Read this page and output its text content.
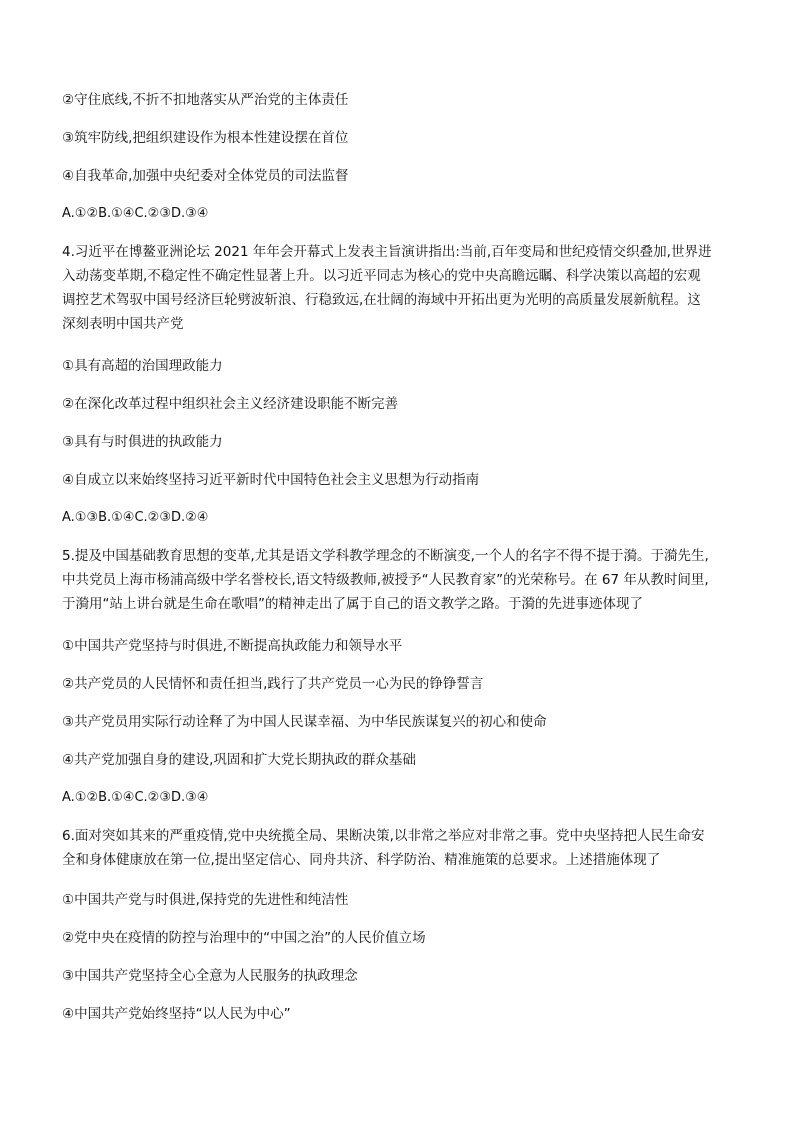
②守住底线,不折不扣地落实从严治党的主体责任
③筑牢防线,把组织建设作为根本性建设摆在首位
④自我革命,加强中央纪委对全体党员的司法监督
A.①②B.①④C.②③D.③④
4.习近平在博鳌亚洲论坛 2021 年年会开幕式上发表主旨演讲指出:当前,百年变局和世纪疫情交织叠加,世界进
入动荡变革期,不稳定性不确定性显著上升。以习近平同志为核心的党中央高瞻远瞩、科学决策以高超的宏观
调控艺术驾驭中国号经济巨轮劈波斩浪、行稳致远,在壮阔的海域中开拓出更为光明的高质量发展新航程。这
深刻表明中国共产党
①具有高超的治国理政能力
②在深化改革过程中组织社会主义经济建设职能不断完善
③具有与时俱进的执政能力
④自成立以来始终坚持习近平新时代中国特色社会主义思想为行动指南
A.①③B.①④C.②③D.②④
5.提及中国基础教育思想的变革,尤其是语文学科教学理念的不断演变,一个人的名字不得不提于漪。于漪先生,
中共党员上海市杨浦高级中学名誉校长,语文特级教师,被授予“人民教育家”的光荣称号。在 67 年从教时间里,
于漪用“站上讲台就是生命在歌唱”的精神走出了属于自己的语文教学之路。于漪的先进事迹体现了
①中国共产党坚持与时俱进,不断提高执政能力和领导水平
②共产党员的人民情怀和责任担当,践行了共产党员一心为民的铮铮誓言
③共产党员用实际行动诠释了为中国人民谋幸福、为中华民族谋复兴的初心和使命
④共产党加强自身的建设,巩固和扩大党长期执政的群众基础
A.①②B.①④C.②③D.③④
6.面对突如其来的严重疫情,党中央统揽全局、果断决策,以非常之举应对非常之事。党中央坚持把人民生命安
全和身体健康放在第一位,提出坚定信心、同舟共济、科学防治、精准施策的总要求。上述措施体现了
①中国共产党与时俱进,保持党的先进性和纯洁性
②党中央在疫情的防控与治理中的“中国之治”的人民价值立场
③中国共产党坚持全心全意为人民服务的执政理念
④中国共产党始终坚持“以人民为中心”
